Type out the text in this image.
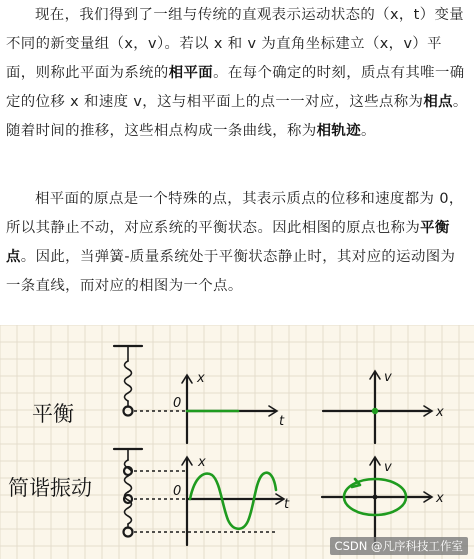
现在，我们得到了一组与传统的直观表示运动状态的（x，t）变量不同的新变量组（x，v）。若以 x 和 v 为直角坐标建立（x，v）平面，则称此平面为系统的相平面。在每个确定的时刻，质点有其唯一确定的位移 x 和速度 v，这与相平面上的点一一对应，这些点称为相点。随着时间的推移，这些相点构成一条曲线，称为相轨迹。

相平面的原点是一个特殊的点，其表示质点的位移和速度都为 0，所以其静止不动，对应系统的平衡状态。因此相图的原点也称为平衡点。因此，当弹簧-质量系统处于平衡状态静止时，其对应的运动图为一条直线，而对应的相图为一个点。

平衡
简谐振动
x
0
t
v
x
x
0
t
v
x
CSDN @凡序科技工作室
